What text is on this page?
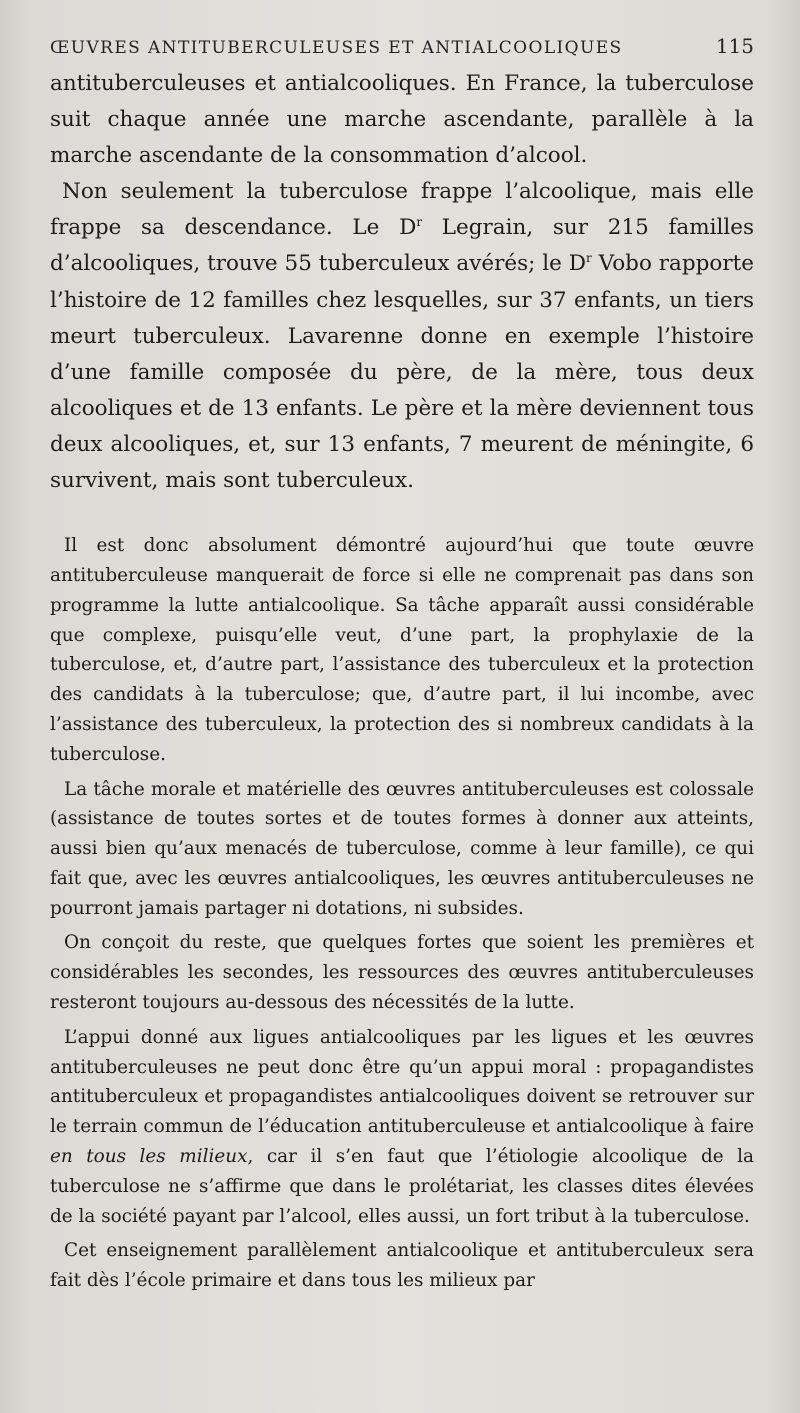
ŒUVRES ANTITUBERCULEUSES ET ANTIALCOOLIQUES	115

antituberculeuses et antialcooliques. En France, la tuberculose suit chaque année une marche ascendante, parallèle à la marche ascendante de la consommation d’alcool.

Non seulement la tuberculose frappe l’alcoolique, mais elle frappe sa descendance. Le $D^r$ Legrain, sur 215 familles d’alcooliques, trouve 55 tuberculeux avérés; le $D^r$ Vobo rapporte l’histoire de 12 familles chez lesquelles, sur 37 enfants, un tiers meurt tuberculeux. Lavarenne donne en exemple l’histoire d’une famille composée du père, de la mère, tous deux alcooliques et de 13 enfants. Le père et la mère deviennent tous deux alcooliques, et, sur 13 enfants, 7 meurent de méningite, 6 survivent, mais sont tuberculeux.

Il est donc absolument démontré aujourd’hui que toute œuvre antituberculeuse manquerait de force si elle ne comprenait pas dans son programme la lutte antialcoolique. Sa tâche apparaît aussi considérable que complexe, puisqu’elle veut, d’une part, la prophylaxie de la tuberculose, et, d’autre part, l’assistance des tuberculeux et la protection des candidats à la tuberculose; que, d’autre part, il lui incombe, avec l’assistance des tuberculeux, la protection des si nombreux candidats à la tuberculose.

La tâche morale et matérielle des œuvres antituberculeuses est colossale (assistance de toutes sortes et de toutes formes à donner aux atteints, aussi bien qu’aux menacés de tuberculose, comme à leur famille), ce qui fait que, avec les œuvres antialcooliques, les œuvres antituberculeuses ne pourront jamais partager ni dotations, ni subsides.

On conçoit du reste, que quelques fortes que soient les premières et considérables les secondes, les ressources des œuvres antituberculeuses resteront toujours au-dessous des nécessités de la lutte.

L’appui donné aux ligues antialcooliques par les ligues et les œuvres antituberculeuses ne peut donc être qu’un appui moral : propagandistes antituberculeux et propagandistes antialcooliques doivent se retrouver sur le terrain commun de l’éducation antituberculeuse et antialcoolique à faire en tous les milieux, car il s’en faut que l’étiologie alcoolique de la tuberculose ne s’affirme que dans le prolétariat, les classes dites élevées de la société payant par l’alcool, elles aussi, un fort tribut à la tuberculose.

Cet enseignement parallèlement antialcoolique et antituberculeux sera fait dès l’école primaire et dans tous les milieux par
